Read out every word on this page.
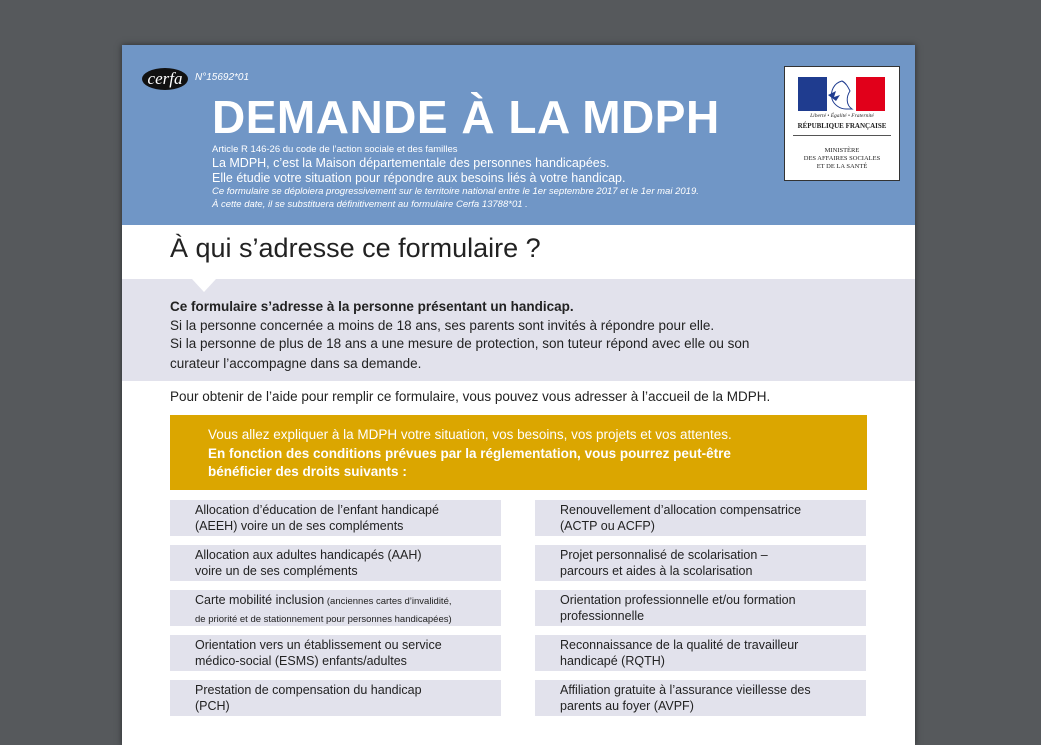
cerfa	N°15692*01
DEMANDE À LA MDPH
Article R 146-26 du code de l’action sociale et des familles
La MDPH, c’est la Maison départementale des personnes handicapées.
Elle étudie votre situation pour répondre aux besoins liés à votre handicap.
Ce formulaire se déploiera progressivement sur le territoire national entre le 1er septembre 2017 et le 1er mai 2019.
À cette date, il se substituera définitivement au formulaire Cerfa 13788*01 .
Liberté • Égalité • Fraternité
RÉPUBLIQUE FRANÇAISE
MINISTÈRE
DES AFFAIRES SOCIALES
ET DE LA SANTÉ
À qui s’adresse ce formulaire ?
Ce formulaire s’adresse à la personne présentant un handicap.
Si la personne concernée a moins de 18 ans, ses parents sont invités à répondre pour elle.
Si la personne de plus de 18 ans a une mesure de protection, son tuteur répond avec elle ou son
curateur l’accompagne dans sa demande.
Pour obtenir de l’aide pour remplir ce formulaire, vous pouvez vous adresser à l’accueil de la MDPH.
Vous allez expliquer à la MDPH votre situation, vos besoins, vos projets et vos attentes.
En fonction des conditions prévues par la réglementation, vous pourrez peut-être
bénéficier des droits suivants :
Allocation d’éducation de l’enfant handicapé
(AEEH) voire un de ses compléments
Allocation aux adultes handicapés (AAH)
voire un de ses compléments
Carte mobilité inclusion (anciennes cartes d’invalidité,
de priorité et de stationnement pour personnes handicapées)
Orientation vers un établissement ou service
médico-social (ESMS) enfants/adultes
Prestation de compensation du handicap
(PCH)
Renouvellement d’allocation compensatrice
(ACTP ou ACFP)
Projet personnalisé de scolarisation –
parcours et aides à la scolarisation
Orientation professionnelle et/ou formation
professionnelle
Reconnaissance de la qualité de travailleur
handicapé (RQTH)
Affiliation gratuite à l’assurance vieillesse des
parents au foyer (AVPF)
